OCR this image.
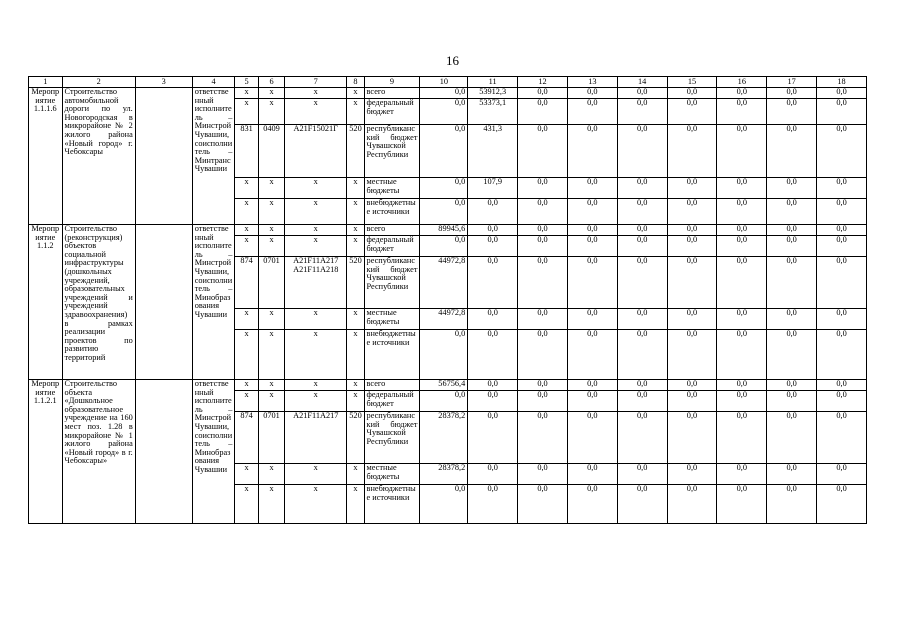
16
1	2	3	4	5	6	7	8	9	10	11	12	13	14	15	16	17	18
Мероприятие 1.1.1.6	Строительство автомобильной дороги по ул. Новогородская в микрорайоне № 2 жилого района «Новый город» г. Чебоксары		ответственный исполнитель – Минстрой Чувашии, соисполнитель – Минтранс Чувашии	x	x	x	x	всего	0,0	53912,3	0,0	0,0	0,0	0,0	0,0	0,0	0,0
				x	x	x	x	федеральный бюджет	0,0	53373,1	0,0	0,0	0,0	0,0	0,0	0,0	0,0
				831	0409	A21F15021Г	520	республиканский бюджет Чувашской Республики	0,0	431,3	0,0	0,0	0,0	0,0	0,0	0,0	0,0
				x	x	x	x	местные бюджеты	0,0	107,9	0,0	0,0	0,0	0,0	0,0	0,0	0,0
				x	x	x	x	внебюджетные источники	0,0	0,0	0,0	0,0	0,0	0,0	0,0	0,0	0,0
Мероприятие 1.1.2	Строительство (реконструкция) объектов социальной инфраструктуры (дошкольных учреждений, образовательных учреждений и учреждений здравоохранения) в рамках реализации проектов по развитию территорий		ответственный исполнитель – Минстрой Чувашии, соисполнитель – Минобразования Чувашии	x	x	x	x	всего	89945,6	0,0	0,0	0,0	0,0	0,0	0,0	0,0	0,0
				x	x	x	x	федеральный бюджет	0,0	0,0	0,0	0,0	0,0	0,0	0,0	0,0	0,0
				874	0701	A21F11A217 A21F11A218	520	республиканский бюджет Чувашской Республики	44972,8	0,0	0,0	0,0	0,0	0,0	0,0	0,0	0,0
				x	x	x	x	местные бюджеты	44972,8	0,0	0,0	0,0	0,0	0,0	0,0	0,0	0,0
				x	x	x	x	внебюджетные источники	0,0	0,0	0,0	0,0	0,0	0,0	0,0	0,0	0,0
Мероприятие 1.1.2.1	Строительство объекта «Дошкольное образовательное учреждение на 160 мест поз. 1.28 в микрорайоне № 1 жилого района «Новый город» в г. Чебоксары»		ответственный исполнитель – Минстрой Чувашии, соисполнитель – Минобразования Чувашии	x	x	x	x	всего	56756,4	0,0	0,0	0,0	0,0	0,0	0,0	0,0	0,0
				x	x	x	x	федеральный бюджет	0,0	0,0	0,0	0,0	0,0	0,0	0,0	0,0	0,0
				874	0701	A21F11A217	520	республиканский бюджет Чувашской Республики	28378,2	0,0	0,0	0,0	0,0	0,0	0,0	0,0	0,0
				x	x	x	x	местные бюджеты	28378,2	0,0	0,0	0,0	0,0	0,0	0,0	0,0	0,0
				x	x	x	x	внебюджетные источники	0,0	0,0	0,0	0,0	0,0	0,0	0,0	0,0	0,0
